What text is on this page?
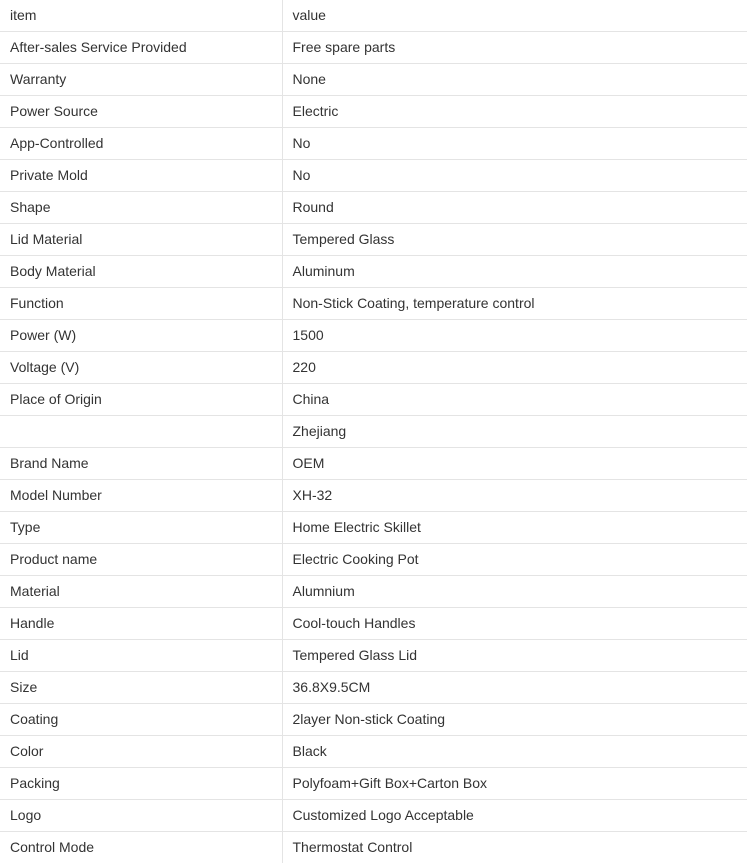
item	value
After-sales Service Provided	Free spare parts
Warranty	None
Power Source	Electric
App-Controlled	No
Private Mold	No
Shape	Round
Lid Material	Tempered Glass
Body Material	Aluminum
Function	Non-Stick Coating, temperature control
Power (W)	1500
Voltage (V)	220
Place of Origin	China
	Zhejiang
Brand Name	OEM
Model Number	XH-32
Type	Home Electric Skillet
Product name	Electric Cooking Pot
Material	Alumnium
Handle	Cool-touch Handles
Lid	Tempered Glass Lid
Size	36.8X9.5CM
Coating	2layer Non-stick Coating
Color	Black
Packing	Polyfoam+Gift Box+Carton Box
Logo	Customized Logo Acceptable
Control Mode	Thermostat Control
